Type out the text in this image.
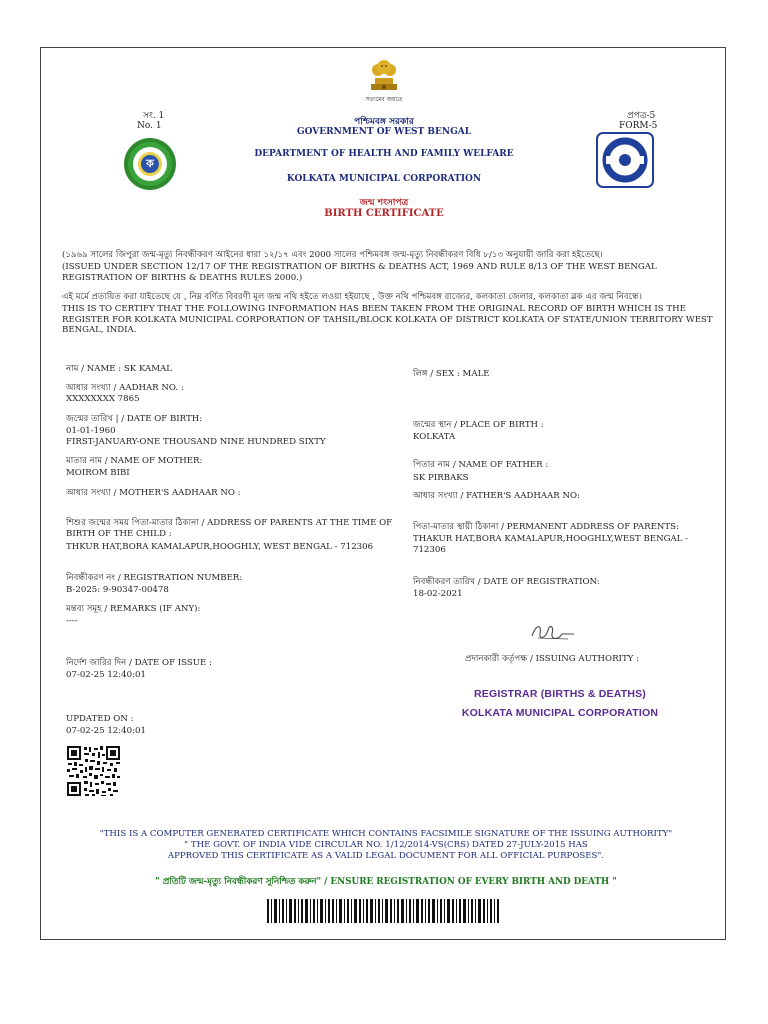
সত্যমেব জয়তে
সং. 1
No. 1
প্রপত্র-5
FORM-5
পশ্চিমবঙ্গ সরকার
GOVERNMENT OF WEST BENGAL
DEPARTMENT OF HEALTH AND FAMILY WELFARE
KOLKATA MUNICIPAL CORPORATION
জন্ম শংসাপত্র
BIRTH CERTIFICATE
ক
(১৯৬৯ সালের জিপুরা জন্ম-মৃত্যু নিবন্ধীকরণ আইনের ধারা ১২/১৭ এবং 2000 সালের পশ্চিমবঙ্গ জন্ম-মৃত্যু নিবন্ধীকরণ বিধি ৮/১৩ অনুযায়ী জারি করা হইতেছে।
(ISSUED UNDER SECTION 12/17 OF THE REGISTRATION OF BIRTHS & DEATHS ACT, 1969 AND RULE 8/13 OF THE WEST BENGAL REGISTRATION OF BIRTHS & DEATHS RULES 2000.)
এই মর্মে প্রত্যয়িত করা যাইতেছে যে , নিম্ন বর্ণিত বিবরণী মূল জন্ম নথি হইতে লওয়া হইয়াছে , উক্ত নথি পশ্চিমবঙ্গ রাজ্যের, কলকাতা জেলার, কলকাতা ব্লক এর জন্ম নিবন্ধে।
THIS IS TO CERTIFY THAT THE FOLLOWING INFORMATION HAS BEEN TAKEN FROM THE ORIGINAL RECORD OF BIRTH WHICH IS THE REGISTER FOR KOLKATA MUNICIPAL CORPORATION OF TAHSIL/BLOCK KOLKATA OF DISTRICT KOLKATA OF STATE/UNION TERRITORY WEST BENGAL, INDIA.
নাম / NAME : SK KAMAL
আধার সংখ্যা / AADHAR NO. :
XXXXXXXX 7865
জন্মের তারিখ | / DATE OF BIRTH:
01-01-1960
FIRST-JANUARY-ONE THOUSAND NINE HUNDRED SIXTY
মাতার নাম / NAME OF MOTHER:
MOIROM BIBI
আধার সংখ্যা / MOTHER'S AADHAAR NO :
শিশুর জন্মের সময় পিতা-মাতার ঠিকানা / ADDRESS OF PARENTS AT THE TIME OF BIRTH OF THE CHILD :
THKUR HAT,BORA KAMALAPUR,HOOGHLY, WEST BENGAL - 712306
নিবন্ধীকরণ নং / REGISTRATION NUMBER:
B-2025: 9-90347-00478
মন্তব্য সমূহ / REMARKS (IF ANY):
----
নির্দেশ জারির দিন / DATE OF ISSUE :
07-02-25 12:40:01
UPDATED ON :
07-02-25 12:40:01
লিঙ্গ / SEX : MALE
জন্মের স্থান / PLACE OF BIRTH :
KOLKATA
পিতার নাম / NAME OF FATHER :
SK PIRBAKS
আধার সংখ্যা / FATHER'S AADHAAR NO:
পিতা-মাতার স্থায়ী ঠিকানা / PERMANENT ADDRESS OF PARENTS:
THAKUR HAT,BORA KAMALAPUR,HOOGHLY,WEST BENGAL - 712306
নিবন্ধীকরণ তারিখ / DATE OF REGISTRATION:
18-02-2021
প্রদানকারী কর্তৃপক্ষ / ISSUING AUTHORITY :
REGISTRAR (BIRTHS & DEATHS)
KOLKATA MUNICIPAL CORPORATION
"THIS IS A COMPUTER GENERATED CERTIFICATE WHICH CONTAINS FACSIMILE SIGNATURE OF THE ISSUING AUTHORITY"
" THE GOVT. OF INDIA VIDE CIRCULAR NO. 1/12/2014-VS(CRS) DATED 27-JULY-2015 HAS
APPROVED THIS CERTIFICATE AS A VALID LEGAL DOCUMENT FOR ALL OFFICIAL PURPOSES".
" প্রতিটি জন্ম-মৃত্যু নিবন্ধীকরণ সুনিশ্চিত করুন" / ENSURE REGISTRATION OF EVERY BIRTH AND DEATH "
